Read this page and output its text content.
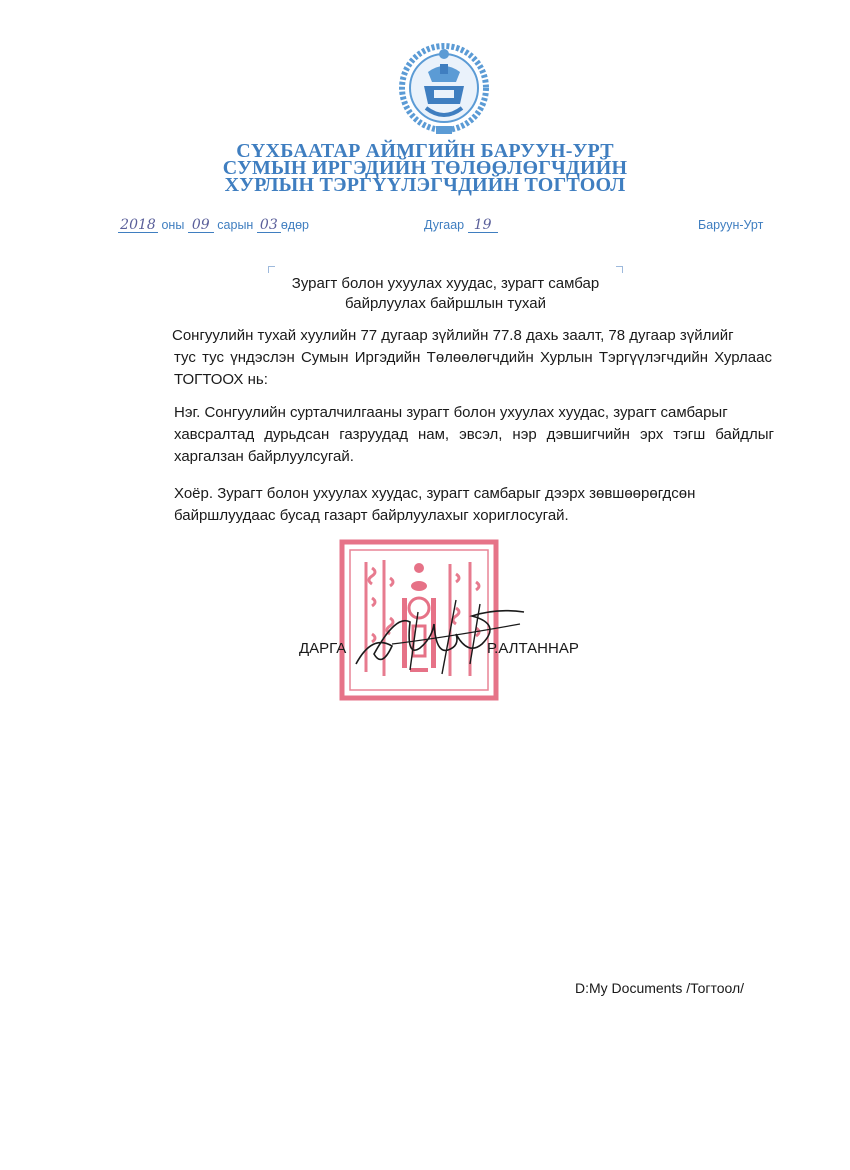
СҮХБААТАР АЙМГИЙН БАРУУН-УРТ
СУМЫН ИРГЭДИЙН ТӨЛӨӨЛӨГЧДИЙН
ХУРЛЫН ТЭРГҮҮЛЭГЧДИЙН ТОГТООЛ
2018 оны 09 сарын 03 өдөр	Дугаар 19	Баруун-Урт
Зурагт болон ухуулах хуудас, зурагт самбар
байрлуулах байршлын тухай
Сонгуулийн тухай хуулийн 77 дугаар зүйлийн 77.8 дахь заалт, 78 дугаар зүйлийг
тус тус үндэслэн Сумын Иргэдийн Төлөөлөгчдийн Хурлын Тэргүүлэгчдийн Хурлаас
ТОГТООХ нь:
Нэг. Сонгуулийн сурталчилгааны зурагт болон ухуулах хуудас, зурагт самбарыг
хавсралтад дурьдсан газруудад нам, эвсэл, нэр дэвшигчийн эрх тэгш байдлыг
харгалзан байрлуулсугай.
Хоёр. Зурагт болон ухуулах хуудас, зурагт самбарыг дээрх зөвшөөрөгдсөн
байршлуудаас бусад газарт байрлуулахыг хориглосугай.
ДАРГА	Р.АЛТАННАР
D:My Documents /Тогтоол/
